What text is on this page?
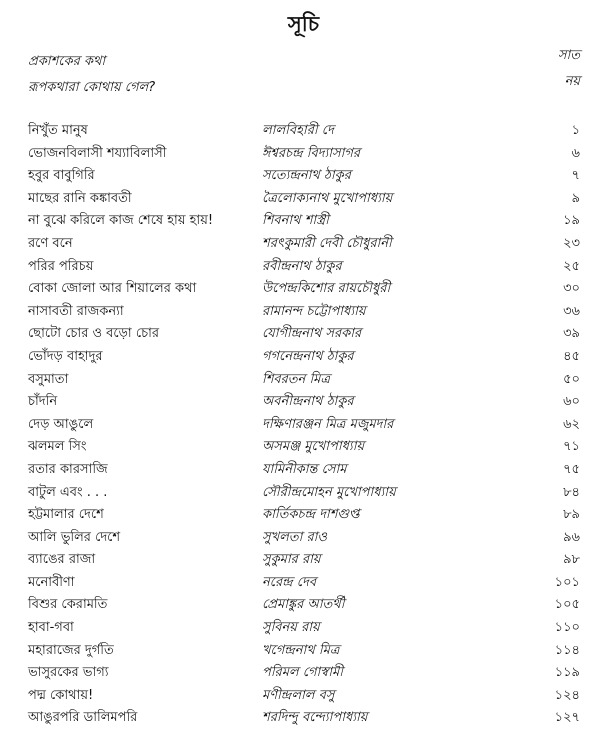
সূচি
প্রকাশকের কথা	সাত
রূপকথারা কোথায় গেল?	নয়
নিখুঁত মানুষ	লালবিহারী দে	১
ভোজনবিলাসী শয্যাবিলাসী	ঈশ্বরচন্দ্র বিদ্যাসাগর	৬
হবুর বাবুগিরি	সত্যেন্দ্রনাথ ঠাকুর	৭
মাছের রানি কঙ্কাবতী	ত্রৈলোক্যনাথ মুখোপাধ্যায়	৯
না বুঝে করিলে কাজ শেষে হায় হায়!	শিবনাথ শাস্ত্রী	১৯
রণে বনে	শরৎকুমারী দেবী চৌধুরানী	২৩
পরির পরিচয়	রবীন্দ্রনাথ ঠাকুর	২৫
বোকা জোলা আর শিয়ালের কথা	উপেন্দ্রকিশোর রায়চৌধুরী	৩০
নাসাবতী রাজকন্যা	রামানন্দ চট্টোপাধ্যায়	৩৬
ছোটো চোর ও বড়ো চোর	যোগীন্দ্রনাথ সরকার	৩৯
ভোঁদড় বাহাদুর	গগনেন্দ্রনাথ ঠাকুর	৪৫
বসুমাতা	শিবরতন মিত্র	৫০
চাঁদনি	অবনীন্দ্রনাথ ঠাকুর	৬০
দেড় আঙুলে	দক্ষিণারঞ্জন মিত্র মজুমদার	৬২
ঝলমল সিং	অসমঞ্জ মুখোপাধ্যায়	৭১
রতার কারসাজি	যামিনীকান্ত সোম	৭৫
বাটুল এবং . . .	সৌরীন্দ্রমোহন মুখোপাধ্যায়	৮৪
হট্টমালার দেশে	কার্তিকচন্দ্র দাশগুপ্ত	৮৯
আলি ভুলির দেশে	সুখলতা রাও	৯৬
ব্যাঙের রাজা	সুকুমার রায়	৯৮
মনোবীণা	নরেন্দ্র দেব	১০১
বিশুর কেরামতি	প্রেমাঙ্কুর আতর্থী	১০৫
হাবা-গবা	সুবিনয় রায়	১১০
মহারাজের দুর্গতি	খগেন্দ্রনাথ মিত্র	১১৪
ভাসুরকের ভাগ্য	পরিমল গোস্বামী	১১৯
পদ্ম কোথায়!	মণীন্দ্রলাল বসু	১২৪
আঙুরপরি ডালিমপরি	শরদিন্দু বন্দ্যোপাধ্যায়	১২৭
